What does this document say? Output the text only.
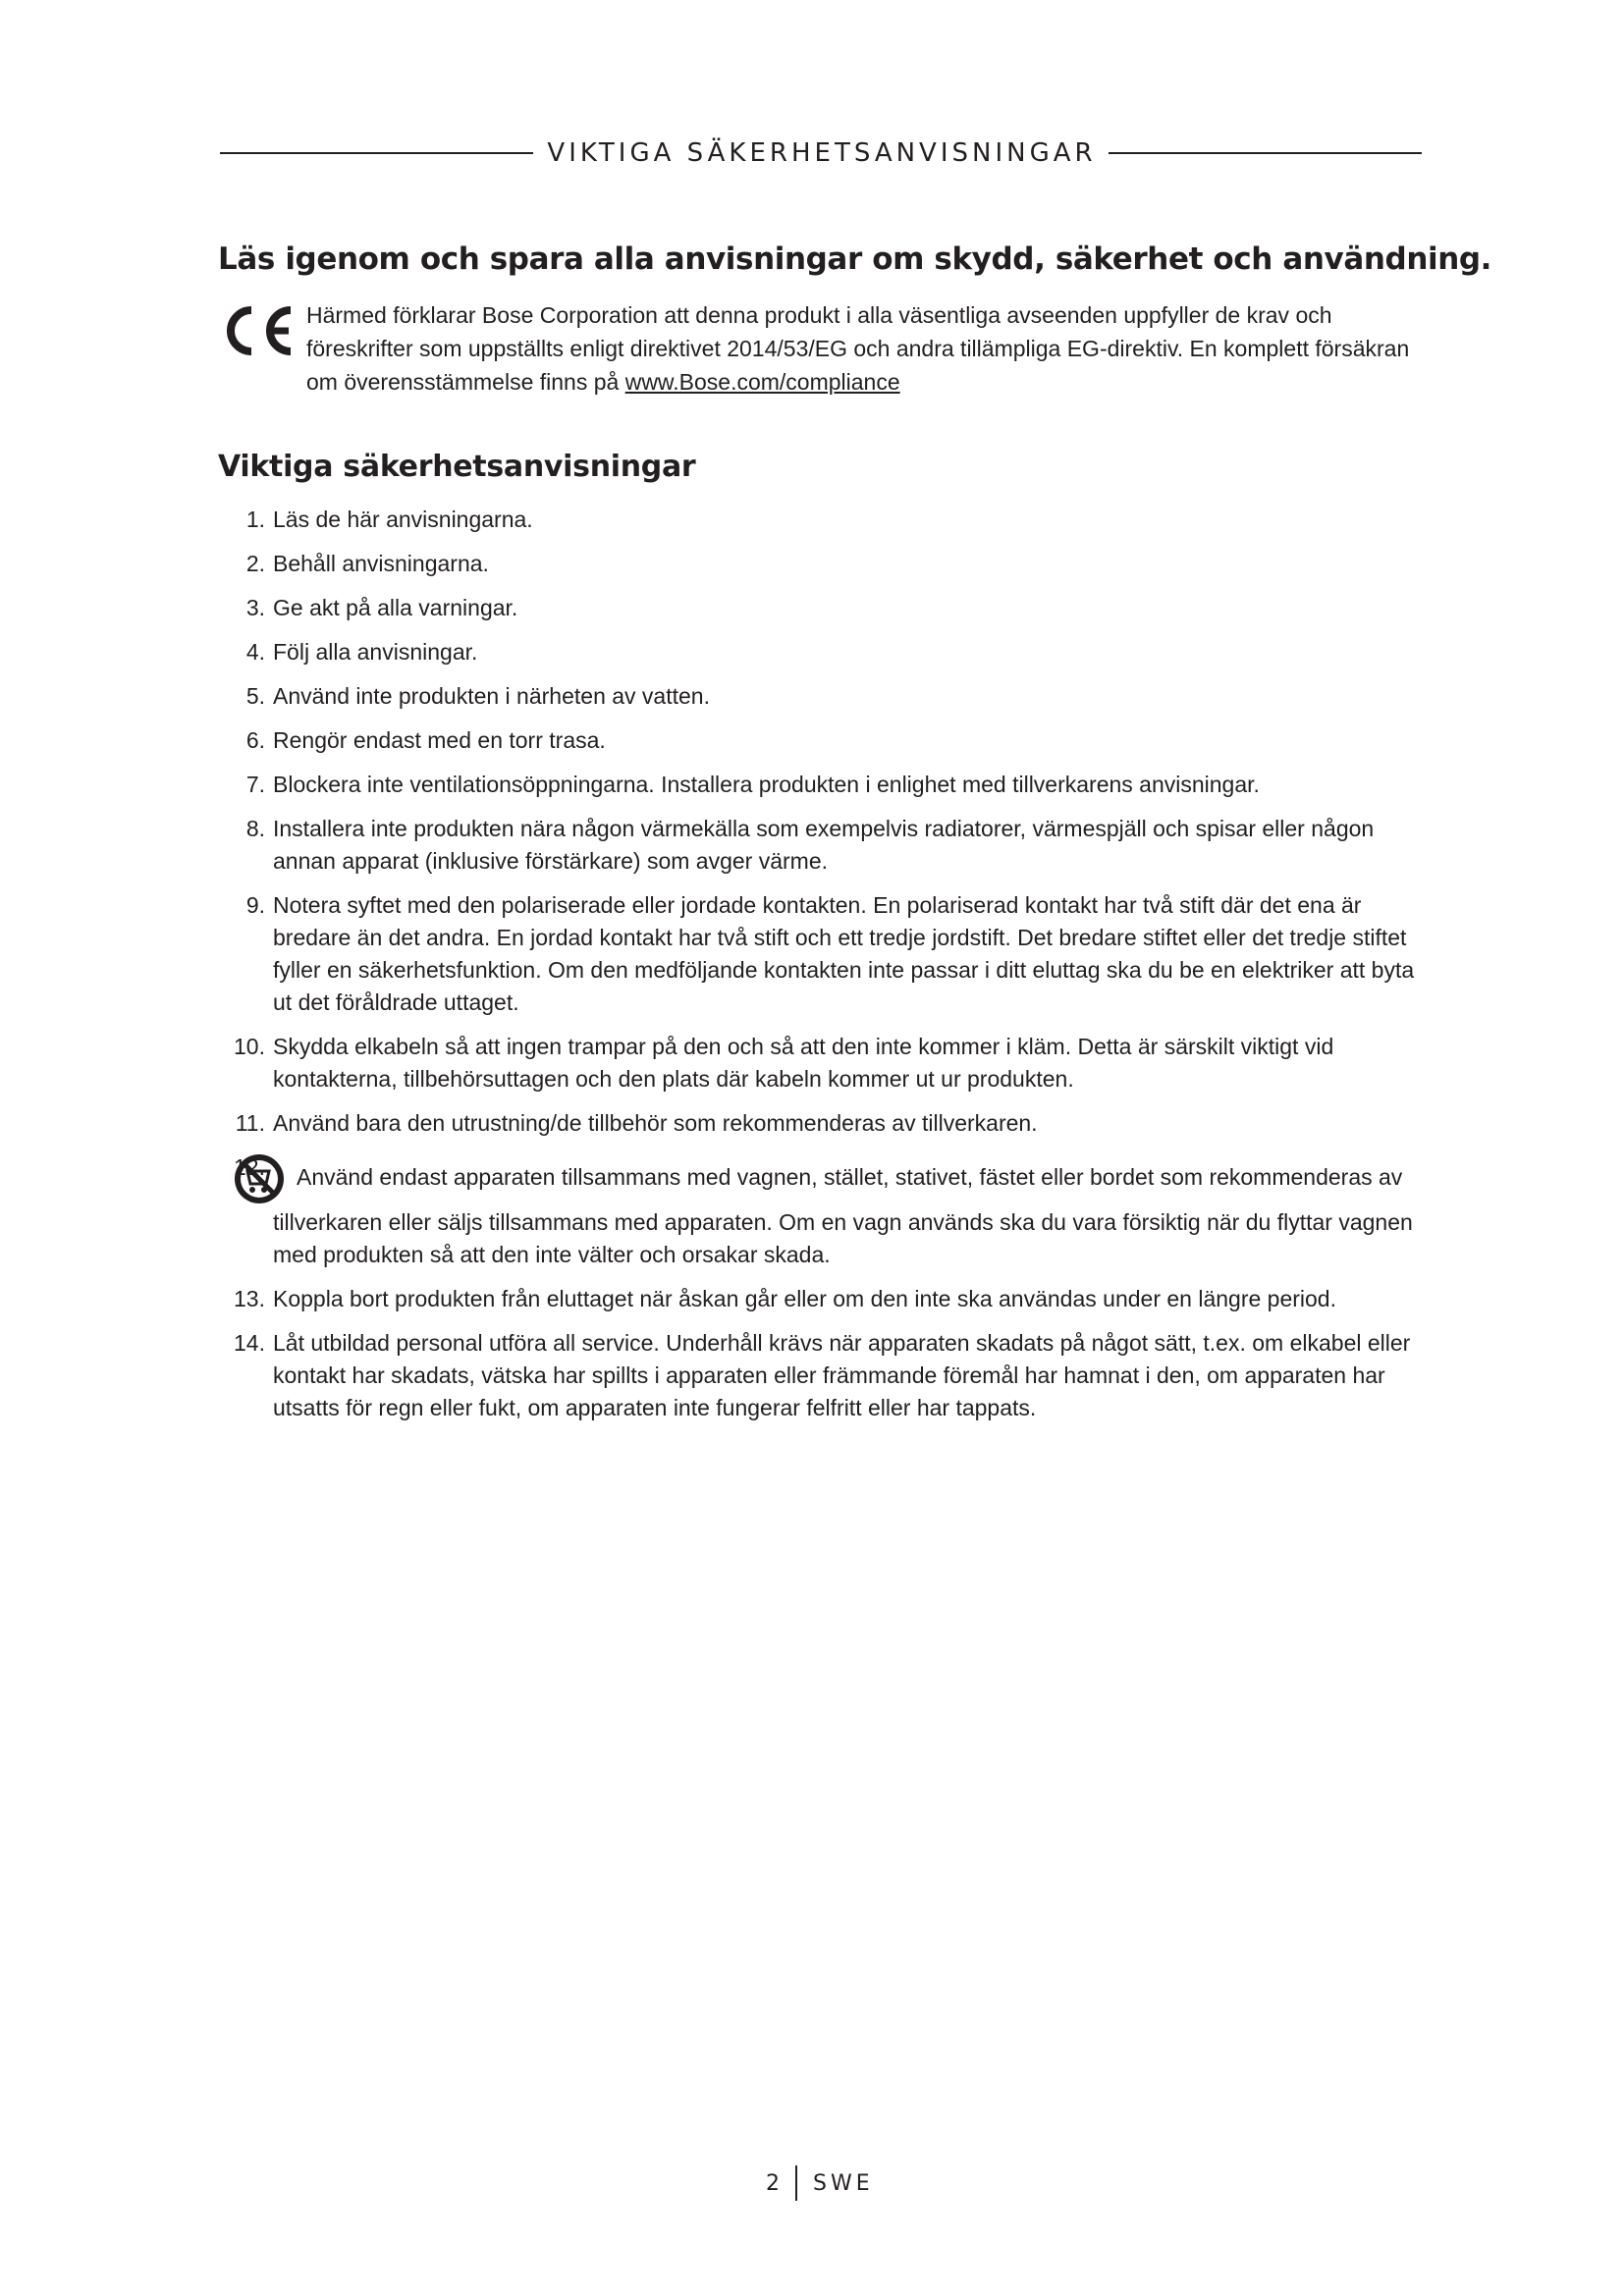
VIKTIGA SÄKERHETSANVISNINGAR
Läs igenom och spara alla anvisningar om skydd, säkerhet och användning.

Härmed förklarar Bose Corporation att denna produkt i alla väsentliga avseenden uppfyller de krav och föreskrifter som uppställts enligt direktivet 2014/53/EG och andra tillämpliga EG-direktiv. En komplett försäkran om överensstämmelse finns på www.Bose.com/compliance

Viktiga säkerhetsanvisningar
1. Läs de här anvisningarna.
2. Behåll anvisningarna.
3. Ge akt på alla varningar.
4. Följ alla anvisningar.
5. Använd inte produkten i närheten av vatten.
6. Rengör endast med en torr trasa.
7. Blockera inte ventilationsöppningarna. Installera produkten i enlighet med tillverkarens anvisningar.
8. Installera inte produkten nära någon värmekälla som exempelvis radiatorer, värmespjäll och spisar eller någon annan apparat (inklusive förstärkare) som avger värme.
9. Notera syftet med den polariserade eller jordade kontakten. En polariserad kontakt har två stift där det ena är bredare än det andra. En jordad kontakt har två stift och ett tredje jordstift. Det bredare stiftet eller det tredje stiftet fyller en säkerhetsfunktion. Om den medföljande kontakten inte passar i ditt eluttag ska du be en elektriker att byta ut det föråldrade uttaget.
10. Skydda elkabeln så att ingen trampar på den och så att den inte kommer i kläm. Detta är särskilt viktigt vid kontakterna, tillbehörsuttagen och den plats där kabeln kommer ut ur produkten.
11. Använd bara den utrustning/de tillbehör som rekommenderas av tillverkaren.
12.	Använd endast apparaten tillsammans med vagnen, stället, stativet, fästet eller bordet som rekommenderas av tillverkaren eller säljs tillsammans med apparaten. Om en vagn används ska du vara försiktig när du flyttar vagnen med produkten så att den inte välter och orsakar skada.
13. Koppla bort produkten från eluttaget när åskan går eller om den inte ska användas under en längre period.
14. Låt utbildad personal utföra all service. Underhåll krävs när apparaten skadats på något sätt, t.ex. om elkabel eller kontakt har skadats, vätska har spillts i apparaten eller främmande föremål har hamnat i den, om apparaten har utsatts för regn eller fukt, om apparaten inte fungerar felfritt eller har tappats.
2	SWE
